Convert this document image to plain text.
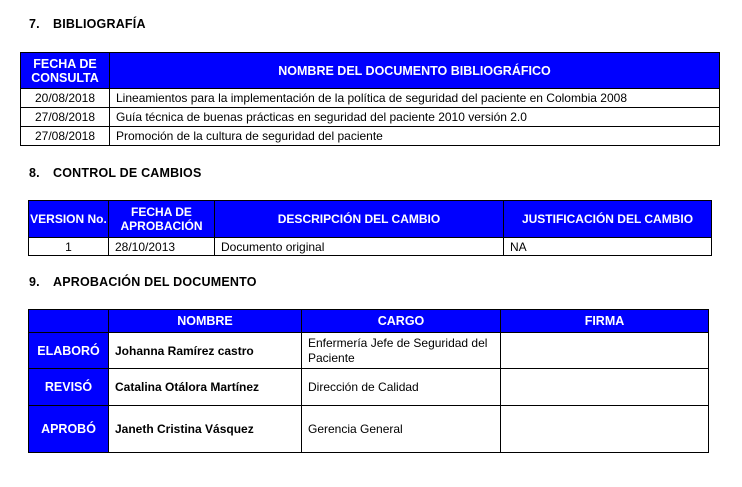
7. BIBLIOGRAFÍA
FECHA DE CONSULTA	NOMBRE DEL DOCUMENTO BIBLIOGRÁFICO
20/08/2018	Lineamientos para la implementación de la política de seguridad del paciente en Colombia 2008
27/08/2018	Guía técnica de buenas prácticas en seguridad del paciente 2010 versión 2.0
27/08/2018	Promoción de la cultura de seguridad del paciente
8. CONTROL DE CAMBIOS
VERSION No.	FECHA DE APROBACIÓN	DESCRIPCIÓN DEL CAMBIO	JUSTIFICACIÓN DEL CAMBIO
1	28/10/2013	Documento original	NA
9. APROBACIÓN DEL DOCUMENTO
	NOMBRE	CARGO	FIRMA
ELABORÓ	Johanna Ramírez castro	Enfermería Jefe de Seguridad del Paciente	
REVISÓ	Catalina Otálora Martínez	Dirección de Calidad	
APROBÓ	Janeth Cristina Vásquez	Gerencia General	
